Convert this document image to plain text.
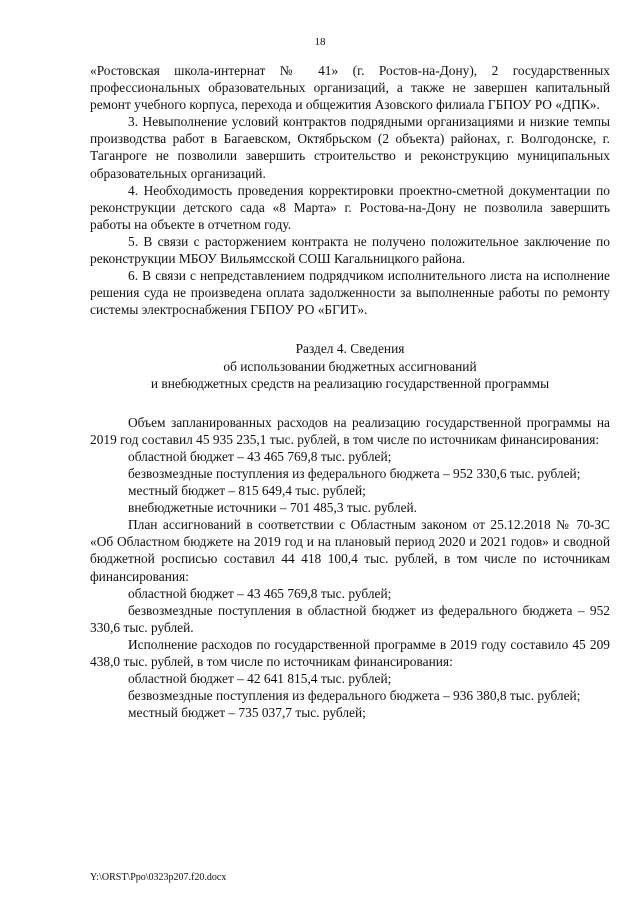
18

«Ростовская школа-интернат № 41» (г. Ростов-на-Дону), 2 государственных профессиональных образовательных организаций, а также не завершен капитальный ремонт учебного корпуса, перехода и общежития Азовского филиала ГБПОУ РО «ДПК».

3. Невыполнение условий контрактов подрядными организациями и низкие темпы производства работ в Багаевском, Октябрьском (2 объекта) районах, г. Волгодонске, г. Таганроге не позволили завершить строительство и реконструкцию муниципальных образовательных организаций.

4. Необходимость проведения корректировки проектно-сметной документации по реконструкции детского сада «8 Марта» г. Ростова-на-Дону не позволила завершить работы на объекте в отчетном году.

5. В связи с расторжением контракта не получено положительное заключение по реконструкции МБОУ Вильямсской СОШ Кагальницкого района.

6. В связи с непредставлением подрядчиком исполнительного листа на исполнение решения суда не произведена оплата задолженности за выполненные работы по ремонту системы электроснабжения ГБПОУ РО «БГИТ».

Раздел 4. Сведения
об использовании бюджетных ассигнований
и внебюджетных средств на реализацию государственной программы

Объем запланированных расходов на реализацию государственной программы на 2019 год составил 45 935 235,1 тыс. рублей, в том числе по источникам финансирования:

областной бюджет – 43 465 769,8 тыс. рублей;

безвозмездные поступления из федерального бюджета – 952 330,6 тыс. рублей;

местный бюджет – 815 649,4 тыс. рублей;

внебюджетные источники – 701 485,3 тыс. рублей.

План ассигнований в соответствии с Областным законом от 25.12.2018 № 70-ЗС «Об Областном бюджете на 2019 год и на плановый период 2020 и 2021 годов» и сводной бюджетной росписью составил 44 418 100,4 тыс. рублей, в том числе по источникам финансирования:

областной бюджет – 43 465 769,8 тыс. рублей;

безвозмездные поступления в областной бюджет из федерального бюджета – 952 330,6 тыс. рублей.

Исполнение расходов по государственной программе в 2019 году составило 45 209 438,0 тыс. рублей, в том числе по источникам финансирования:

областной бюджет – 42 641 815,4 тыс. рублей;

безвозмездные поступления из федерального бюджета – 936 380,8 тыс. рублей;

местный бюджет – 735 037,7 тыс. рублей;

Y:\ORST\Ppo\0323p207.f20.docx
